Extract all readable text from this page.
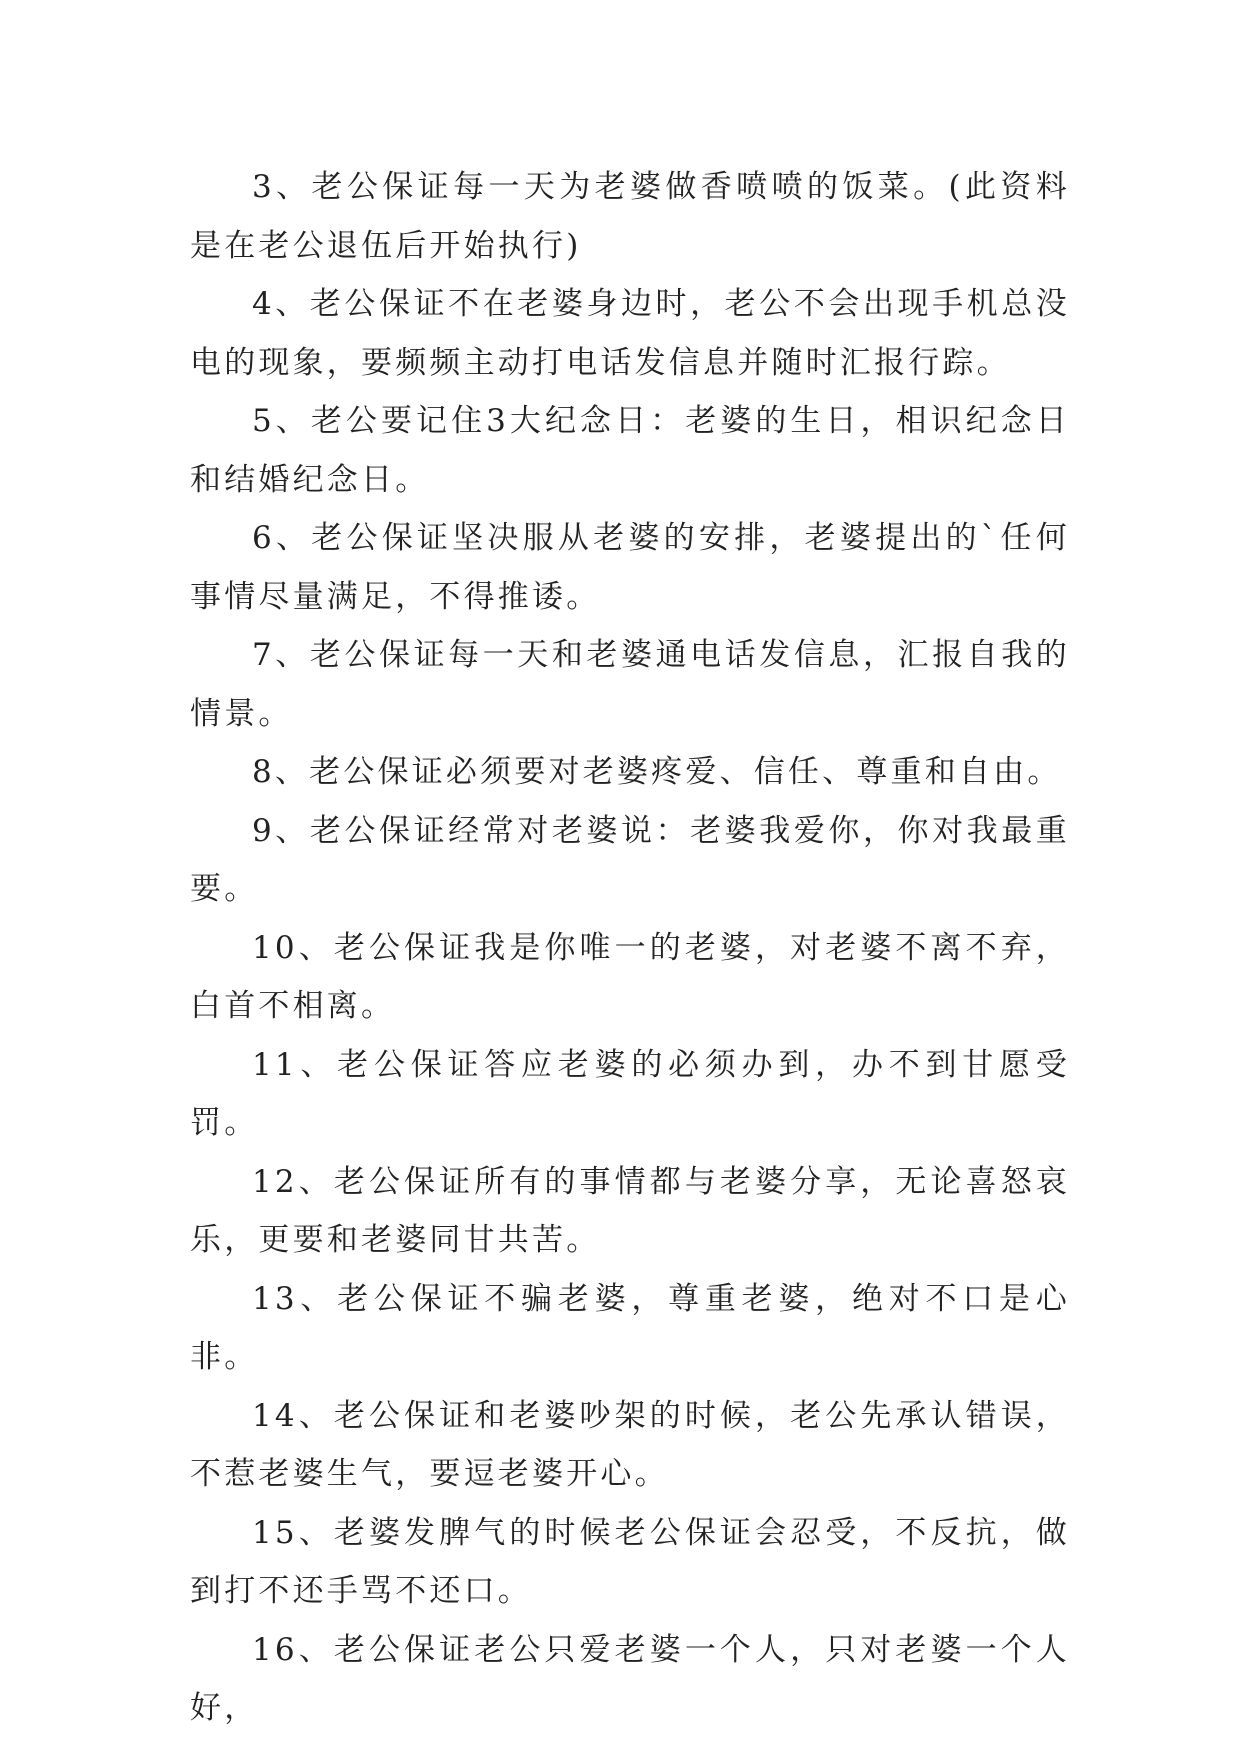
3、老公保证每一天为老婆做香喷喷的饭菜。(此资料是在老公退伍后开始执行)

4、老公保证不在老婆身边时，老公不会出现手机总没电的现象，要频频主动打电话发信息并随时汇报行踪。

5、老公要记住3大纪念日：老婆的生日，相识纪念日和结婚纪念日。

6、老公保证坚决服从老婆的安排，老婆提出的`任何事情尽量满足，不得推诿。

7、老公保证每一天和老婆通电话发信息，汇报自我的情景。

8、老公保证必须要对老婆疼爱、信任、尊重和自由。

9、老公保证经常对老婆说：老婆我爱你，你对我最重要。

10、老公保证我是你唯一的老婆，对老婆不离不弃，白首不相离。

11、老公保证答应老婆的必须办到，办不到甘愿受罚。

12、老公保证所有的事情都与老婆分享，无论喜怒哀乐，更要和老婆同甘共苦。

13、老公保证不骗老婆，尊重老婆，绝对不口是心非。

14、老公保证和老婆吵架的时候，老公先承认错误，不惹老婆生气，要逗老婆开心。

15、老婆发脾气的时候老公保证会忍受，不反抗，做到打不还手骂不还口。

16、老公保证老公只爱老婆一个人，只对老婆一个人好，
